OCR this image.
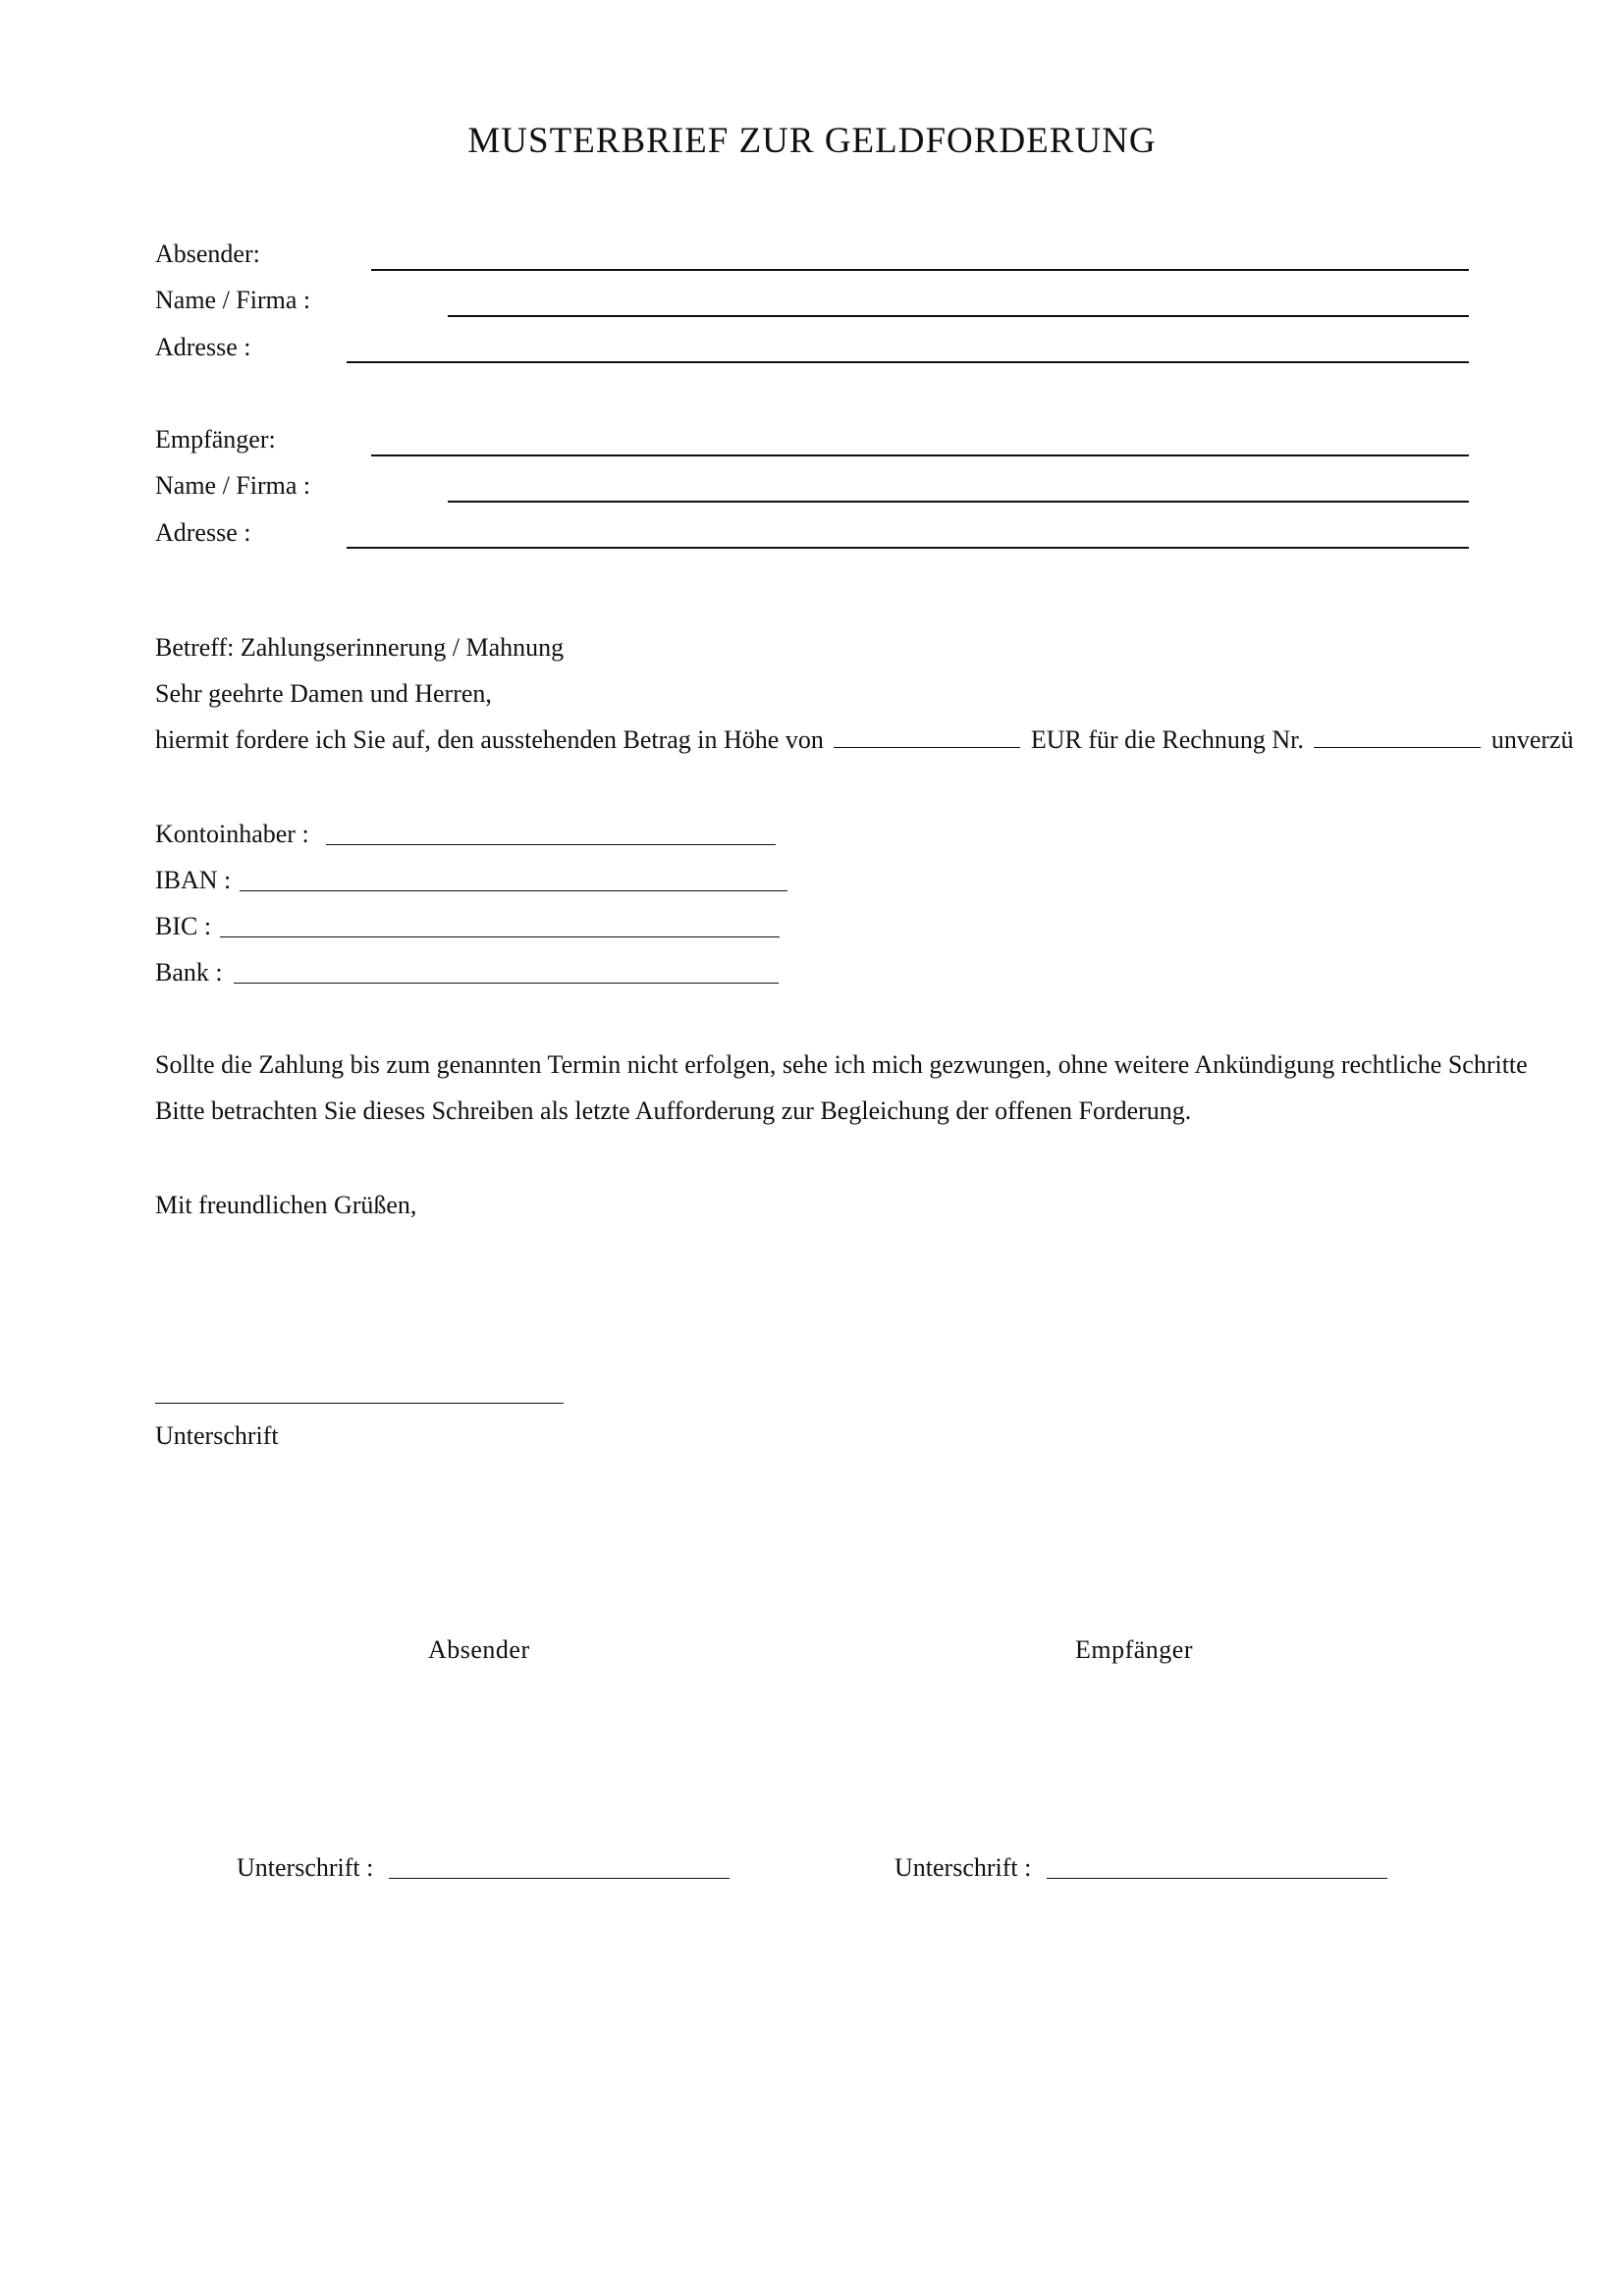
MUSTERBRIEF ZUR GELDFORDERUNG
Absender:
Name / Firma :
Adresse :
Empfänger:
Name / Firma :
Adresse :
Betreff: Zahlungserinnerung / Mahnung
Sehr geehrte Damen und Herren,
hiermit fordere ich Sie auf, den ausstehenden Betrag in Höhe von	EUR für die Rechnung Nr.	unverzü
Kontoinhaber :
IBAN :
BIC :
Bank :
Sollte die Zahlung bis zum genannten Termin nicht erfolgen, sehe ich mich gezwungen, ohne weitere Ankündigung rechtliche Schritte
Bitte betrachten Sie dieses Schreiben als letzte Aufforderung zur Begleichung der offenen Forderung.
Mit freundlichen Grüßen,
Unterschrift
Absender	Empfänger
Unterschrift :	Unterschrift :
